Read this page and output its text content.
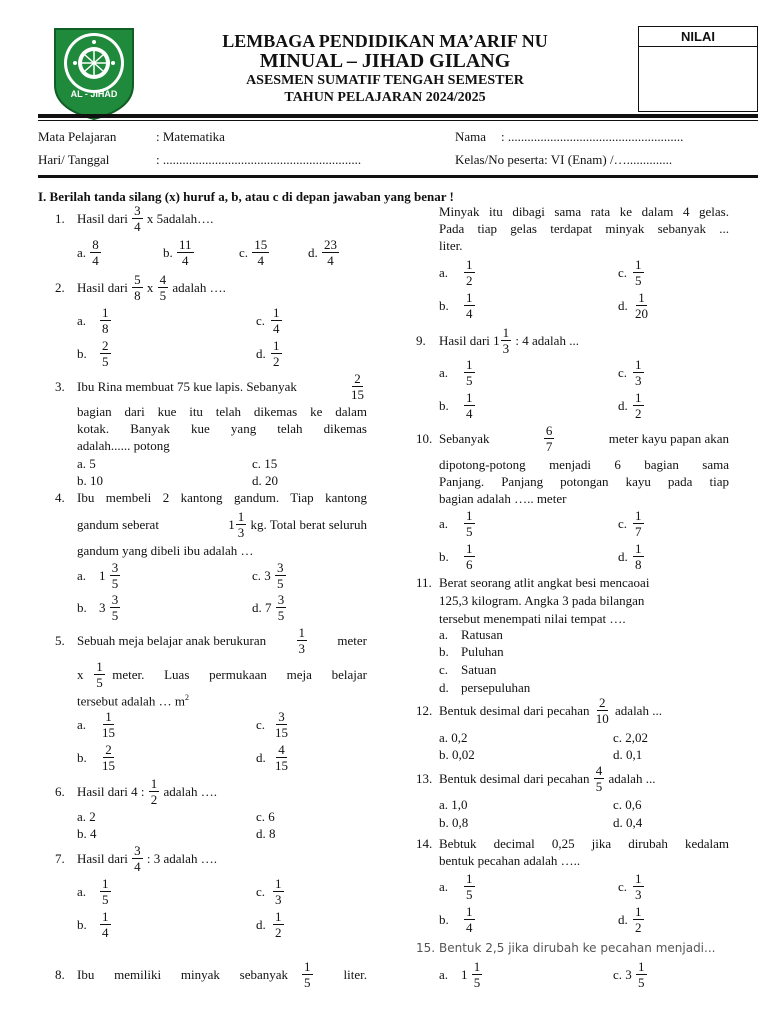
AL - JIHAD
LEMBAGA PENDIDIKAN MA’ARIF NU
MINUAL – JIHAD GILANG
ASESMEN SUMATIF TENGAH SEMESTER
TAHUN PELAJARAN 2024/2025
NILAI
Mata Pelajaran	: Matematika
Hari/ Tanggal	: .............................................................
Nama : ......................................................
Kelas/No peserta: VI (Enam) /…..............
I. Berilah tanda silang (x) huruf a, b, atau c di depan jawaban yang benar !
1. Hasil dari
$\frac{3}{4}$
x 5adalah….
a.
$\frac{8}{4}$	b.
$\frac{11}{4}$	c.
$\frac{15}{4}$	d.
$\frac{23}{4}$
2. Hasil dari
$\frac{5}{8}$
x
$\frac{4}{5}$
adalah ….
a.	$\frac{1}{8}$	c. $\frac{1}{4}$
b.	$\frac{2}{5}$	d. $\frac{1}{2}$
3. Ibu Rina membuat 75 kue lapis. Sebanyak	$\frac{2}{15}$
bagian dari kue itu telah dikemas ke dalam
kotak. Banyak kue yang telah dikemas
adalah...... potong
a. 5	c. 15
b. 10	d. 20
4. Ibu membeli 2 kantong gandum. Tiap kantong
gandum seberat	$1 \frac{1}{3}$
kg. Total berat seluruh
gandum yang dibeli ibu adalah …
a. 1
$\frac{3}{5}$	c.
3
$\frac{3}{5}$
b. 3
$\frac{3}{5}$	d.
7
$\frac{3}{5}$
5. Sebuah meja belajar anak berukuran $\frac{1}{3}$ meter
x
$\frac{1}{5}$
meter. Luas permukaan meja belajar
tersebut adalah … $m^2$
a.	$\frac{1}{15}$	c. $\frac{3}{15}$
b.	$\frac{2}{15}$	d. $\frac{4}{15}$
6. Hasil dari 4 :
$\frac{1}{2}$
adalah ….
a. 2	c. 6
b. 4	d. 8
7. Hasil dari
$\frac{3}{4}$
: 3 adalah ….
a.	$\frac{1}{5}$	c. $\frac{1}{3}$
b.	$\frac{1}{4}$	d. $\frac{1}{2}$
8. Ibu memiliki minyak sebanyak
$\frac{1}{5}$ liter.
Minyak itu dibagi sama rata ke dalam 4 gelas.
Pada tiap gelas terdapat minyak sebanyak ...
liter.
a.	$\frac{1}{2}$	c. $\frac{1}{5}$
b.	$\frac{1}{4}$	d. $\frac{1}{20}$
9.	Hasil dari $1 \frac{1}{3}$
: 4 adalah ...
a.	$\frac{1}{5}$	c. $\frac{1}{3}$
b.	$\frac{1}{4}$	d. $\frac{1}{2}$
10. Sebanyak	$\frac{6}{7}$	meter kayu papan akan
dipotong-potong menjadi 6 bagian sama
Panjang. Panjang potongan kayu pada tiap
bagian adalah ….. meter
a.	$\frac{1}{5}$	c. $\frac{1}{7}$
b.	$\frac{1}{6}$	d. $\frac{1}{8}$
11. Berat seorang atlit angkat besi mencaoai
125,3 kilogram. Angka 3 pada bilangan
tersebut menempati nilai tempat ….
a. Ratusan
b. Puluhan
c. Satuan
d. persepuluhan
12. Bentuk desimal dari pecahan
$\frac{2}{10}$
adalah ...
a. 0,2	c. 2,02
b. 0,02	d. 0,1
13. Bentuk desimal dari pecahan
$\frac{4}{5}$
adalah ...
a. 1,0	c. 0,6
b. 0,8	d. 0,4
14. Bebtuk decimal 0,25 jika dirubah kedalam
bentuk pecahan adalah …..
a.	$\frac{1}{5}$	c. $\frac{1}{3}$
b.	$\frac{1}{4}$	d. $\frac{1}{2}$
15. Bentuk 2,5 jika dirubah ke pecahan menjadi...
a. 1
$\frac{1}{5}$	c.
3
$\frac{1}{5}$
